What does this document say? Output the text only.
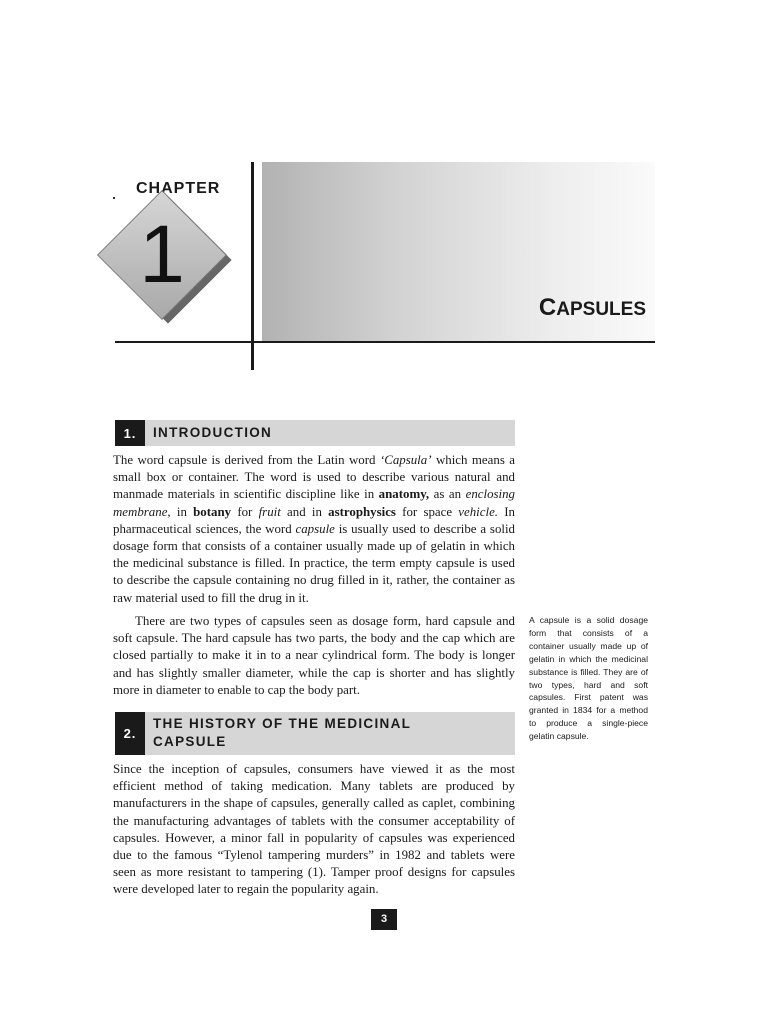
CHAPTER
1
CAPSULES
1.	INTRODUCTION

The word capsule is derived from the Latin word ‘Capsula’ which means a small box or container. The word is used to describe various natural and manmade materials in scientific discipline like in anatomy, as an enclosing membrane, in botany for fruit and in astrophysics for space vehicle. In pharmaceutical sciences, the word capsule is usually used to describe a solid dosage form that consists of a container usually made up of gelatin in which the medicinal substance is filled. In practice, the term empty capsule is used to describe the capsule containing no drug filled in it, rather, the container as raw material used to fill the drug in it.

There are two types of capsules seen as dosage form, hard capsule and soft capsule. The hard capsule has two parts, the body and the cap which are closed partially to make it in to a near cylindrical form. The body is longer and has slightly smaller diameter, while the cap is shorter and has slightly more in diameter to enable to cap the body part.

2.
THE HISTORY OF THE MEDICINAL
CAPSULE

Since the inception of capsules, consumers have viewed it as the most efficient method of taking medication. Many tablets are produced by manufacturers in the shape of capsules, generally called as caplet, combining the manufacturing advantages of tablets with the consumer acceptability of capsules. However, a minor fall in popularity of capsules was experienced due to the famous “Tylenol tampering murders” in 1982 and tablets were seen as more resistant to tampering (1). Tamper proof designs for capsules were developed later to regain the popularity again.

A capsule is a solid dosage form that consists of a container usually made up of gelatin in which the medicinal substance is filled. They are of two types, hard and soft capsules. First patent was granted in 1834 for a method to produce a single-piece gelatin capsule.
3
